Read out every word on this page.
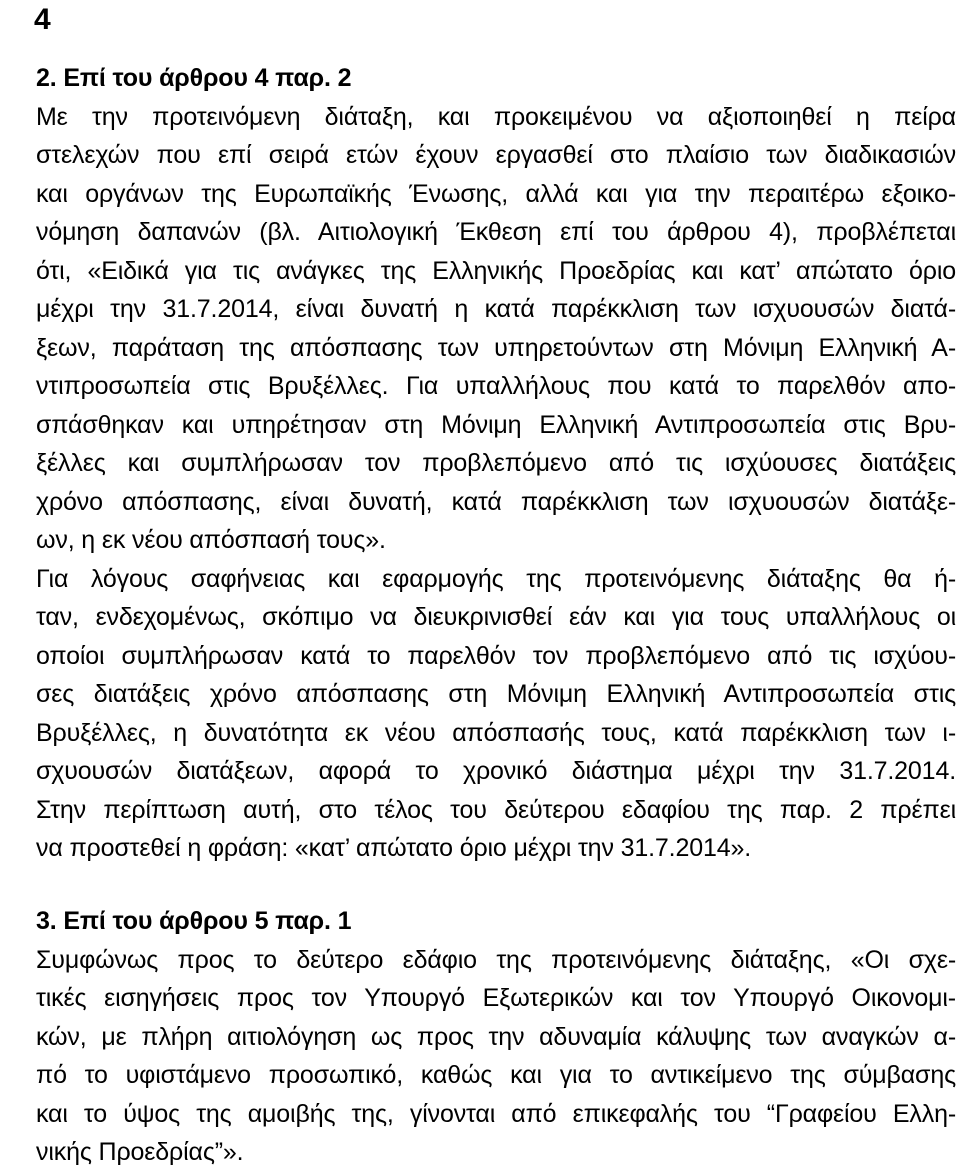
4
2. Επί του άρθρου 4 παρ. 2
Με την προτεινόμενη διάταξη, και προκειμένου να αξιοποιηθεί η πείρα
στελεχών που επί σειρά ετών έχουν εργασθεί στο πλαίσιο των διαδικασιών
και οργάνων της Ευρωπαϊκής Ένωσης, αλλά και για την περαιτέρω εξοικο-
νόμηση δαπανών (βλ. Αιτιολογική Έκθεση επί του άρθρου 4), προβλέπεται
ότι, «Ειδικά για τις ανάγκες της Ελληνικής Προεδρίας και κατ’ απώτατο όριο
μέχρι την 31.7.2014, είναι δυνατή η κατά παρέκκλιση των ισχυουσών διατά-
ξεων, παράταση της απόσπασης των υπηρετούντων στη Μόνιμη Ελληνική Α-
ντιπροσωπεία στις Βρυξέλλες. Για υπαλλήλους που κατά το παρελθόν απο-
σπάσθηκαν και υπηρέτησαν στη Μόνιμη Ελληνική Αντιπροσωπεία στις Βρυ-
ξέλλες και συμπλήρωσαν τον προβλεπόμενο από τις ισχύουσες διατάξεις
χρόνο απόσπασης, είναι δυνατή, κατά παρέκκλιση των ισχυουσών διατάξε-
ων, η εκ νέου απόσπασή τους».
Για λόγους σαφήνειας και εφαρμογής της προτεινόμενης διάταξης θα ή-
ταν, ενδεχομένως, σκόπιμο να διευκρινισθεί εάν και για τους υπαλλήλους οι
οποίοι συμπλήρωσαν κατά το παρελθόν τον προβλεπόμενο από τις ισχύου-
σες διατάξεις χρόνο απόσπασης στη Μόνιμη Ελληνική Αντιπροσωπεία στις
Βρυξέλλες, η δυνατότητα εκ νέου απόσπασής τους, κατά παρέκκλιση των ι-
σχυουσών διατάξεων, αφορά το χρονικό διάστημα μέχρι την 31.7.2014.
Στην περίπτωση αυτή, στο τέλος του δεύτερου εδαφίου της παρ. 2 πρέπει
να προστεθεί η φράση: «κατ’ απώτατο όριο μέχρι την 31.7.2014».
3. Επί του άρθρου 5 παρ. 1
Συμφώνως προς το δεύτερο εδάφιο της προτεινόμενης διάταξης, «Οι σχε-
τικές εισηγήσεις προς τον Υπουργό Εξωτερικών και τον Υπουργό Οικονομι-
κών, με πλήρη αιτιολόγηση ως προς την αδυναμία κάλυψης των αναγκών α-
πό το υφιστάμενο προσωπικό, καθώς και για το αντικείμενο της σύμβασης
και το ύψος της αμοιβής της, γίνονται από επικεφαλής του “Γραφείου Ελλη-
νικής Προεδρίας”».
